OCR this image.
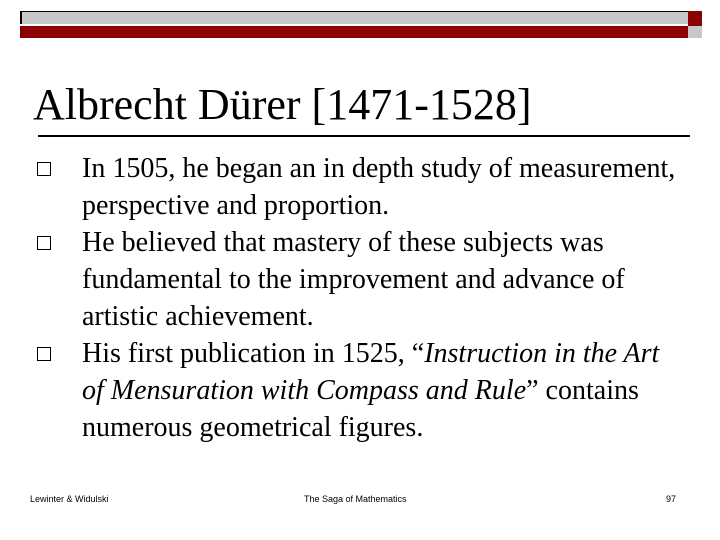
Albrecht Dürer [1471-1528]
In 1505, he began an in depth study of measurement, perspective and proportion.
He believed that mastery of these subjects was fundamental to the improvement and advance of artistic achievement.
His first publication in 1525, “Instruction in the Art of Mensuration with Compass and Rule” contains numerous geometrical figures.
Lewinter & Widulski	The Saga of Mathematics	97
